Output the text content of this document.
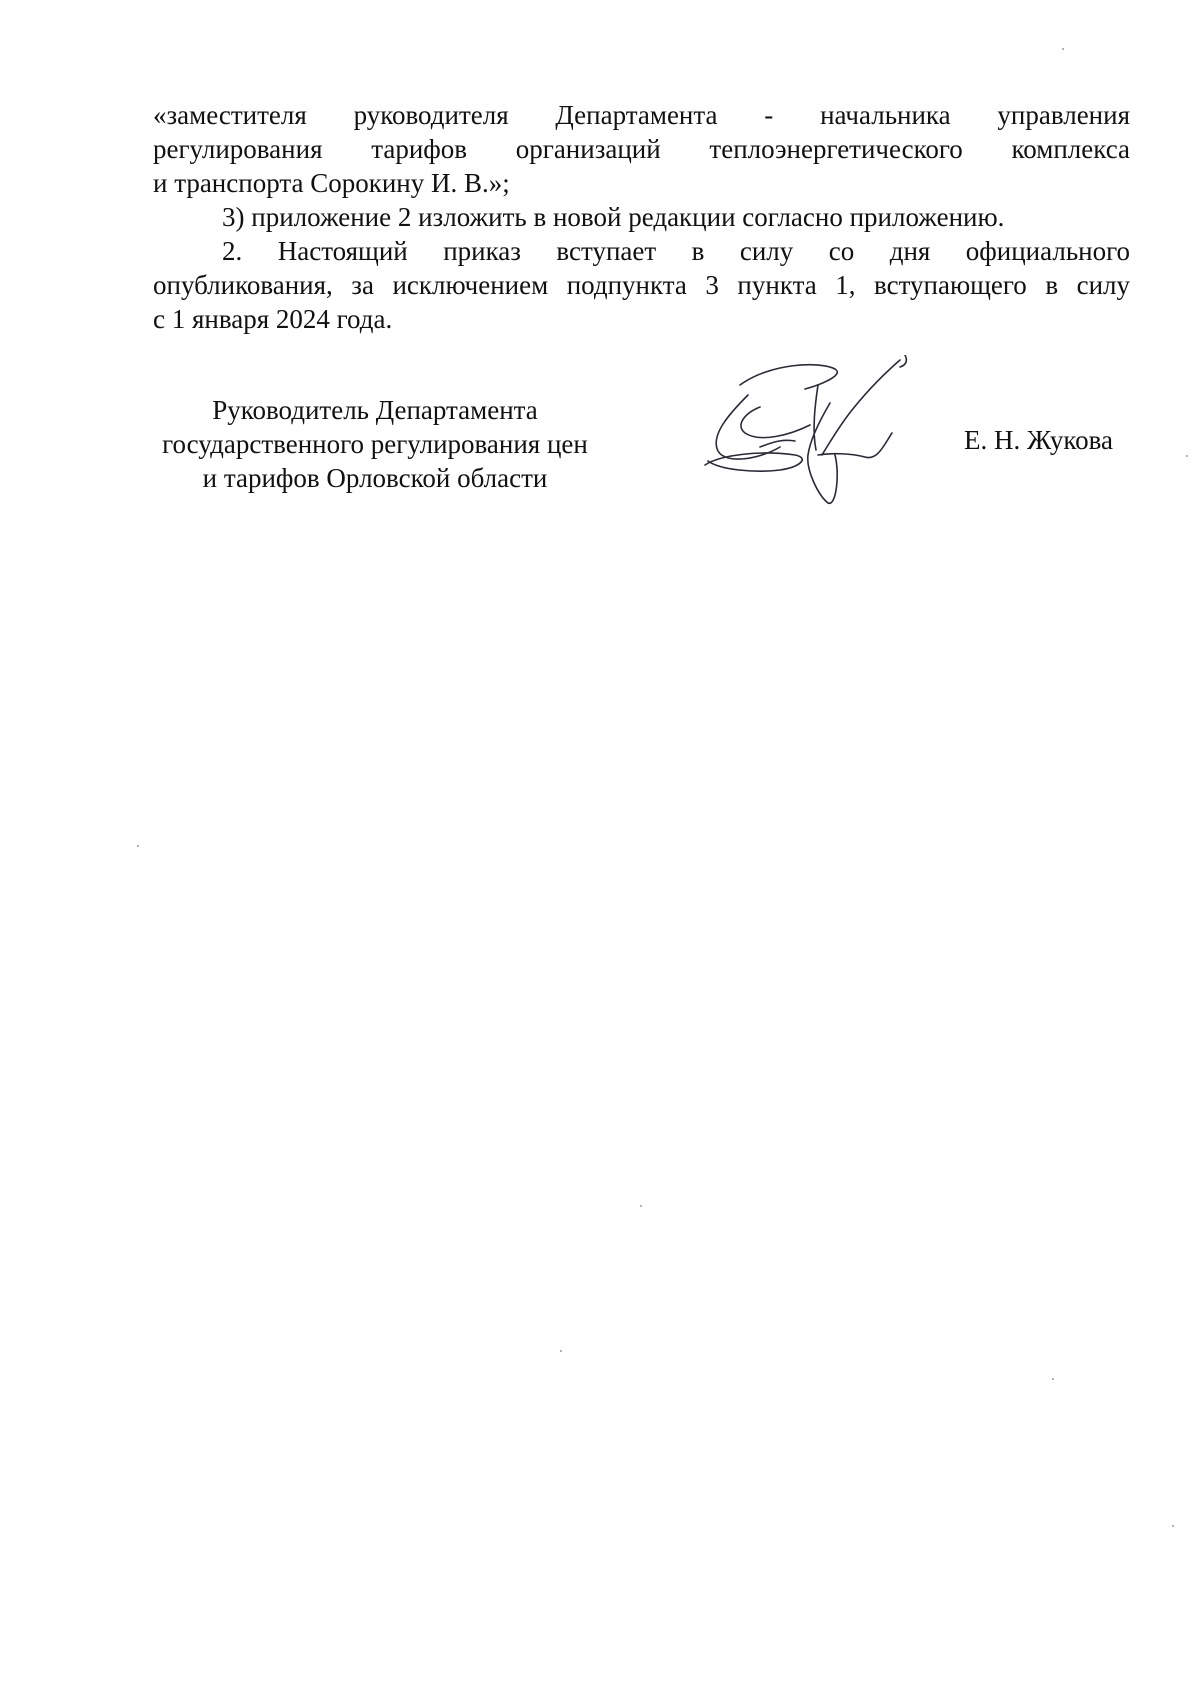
«заместителя руководителя Департамента - начальника управления

регулирования тарифов организаций теплоэнергетического комплекса

и транспорта Сорокину И. В.»;

3) приложение 2 изложить в новой редакции согласно приложению.

2. Настоящий приказ вступает в силу со дня официального

опубликования, за исключением подпункта 3 пункта 1, вступающего в силу

с 1 января 2024 года.

Руководитель Департамента
государственного регулирования цен
и тарифов Орловской области
Е. Н. Жукова
